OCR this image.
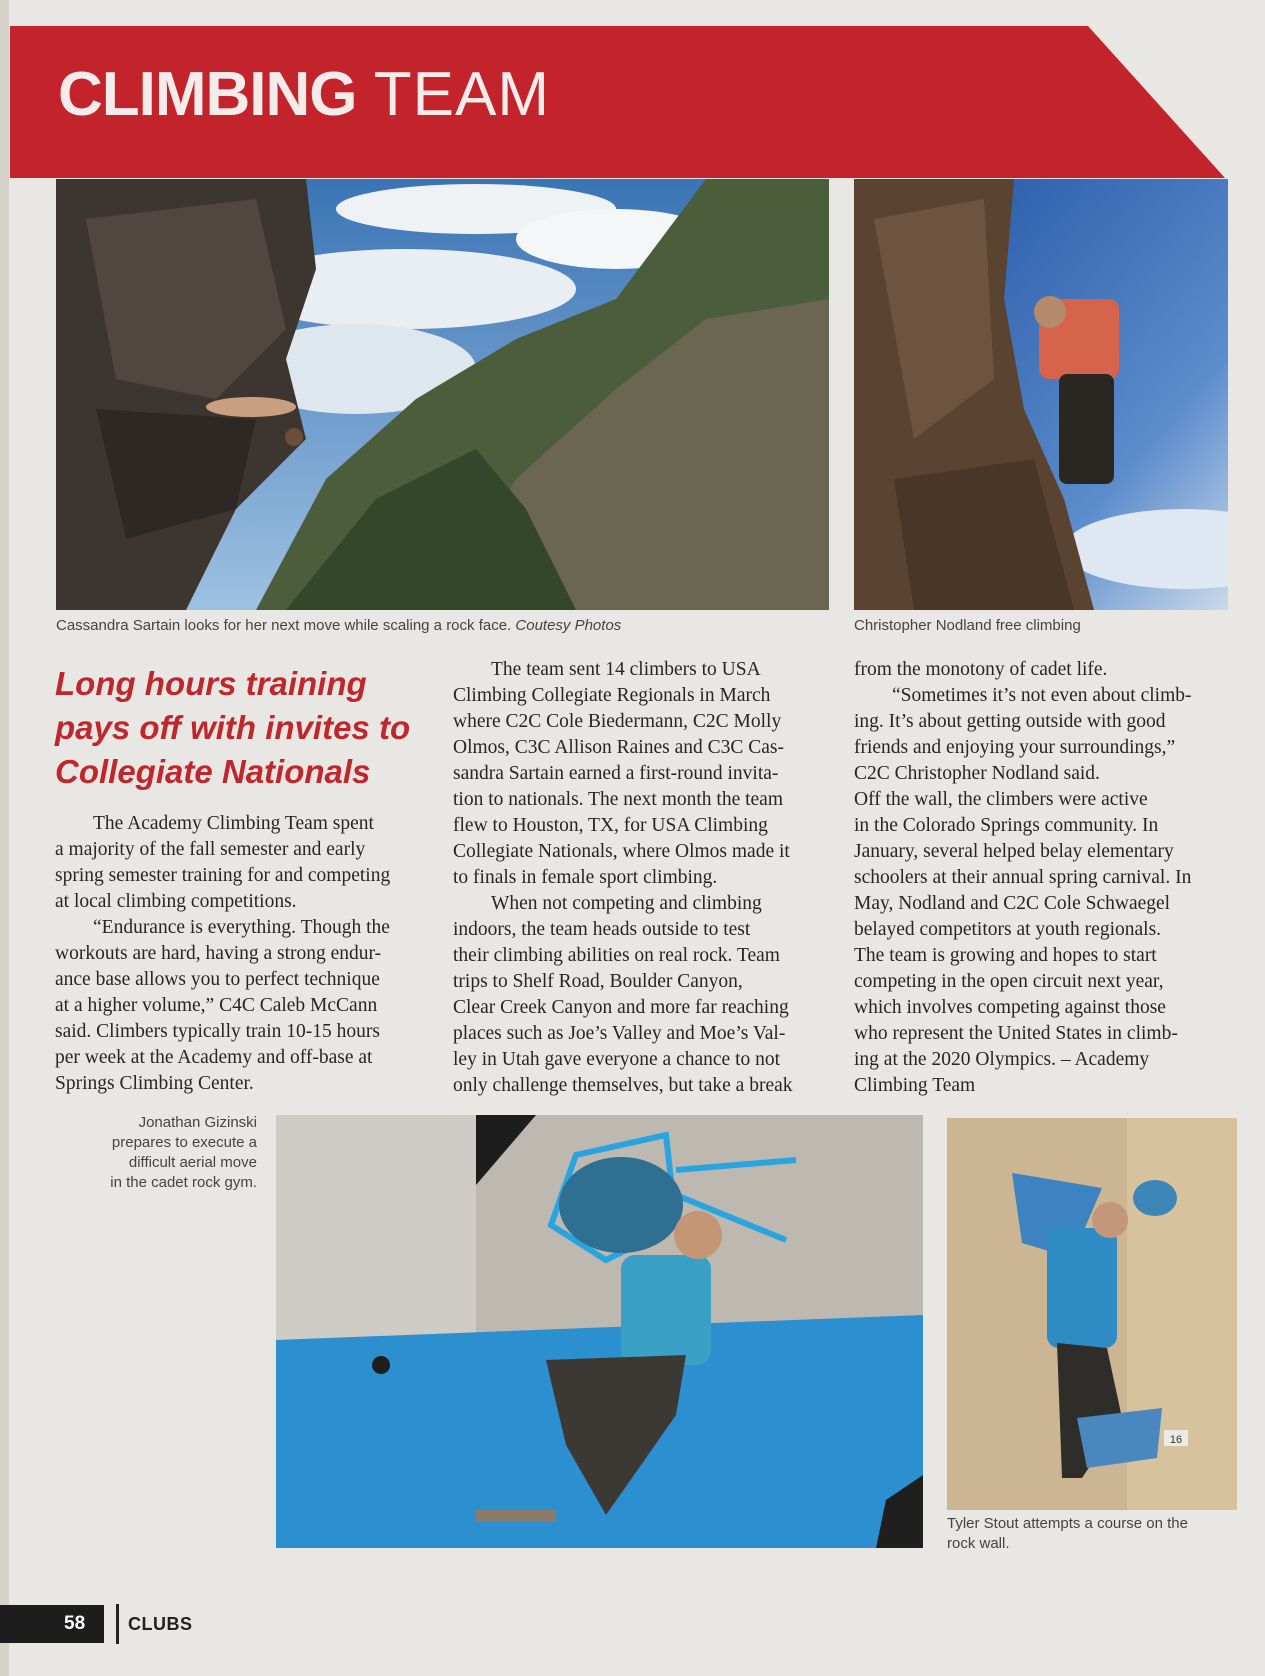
CLIMBING TEAM
Cassandra Sartain looks for her next move while scaling a rock face. Coutesy Photos	Christopher Nodland free climbing
Long hours training
pays off with invites to
Collegiate Nationals

The Academy Climbing Team spent
a majority of the fall semester and early
spring semester training for and competing
at local climbing competitions.

“Endurance is everything. Though the
workouts are hard, having a strong endur-
ance base allows you to perfect technique
at a higher volume,” C4C Caleb McCann
said. Climbers typically train 10-15 hours
per week at the Academy and off-base at
Springs Climbing Center.

The team sent 14 climbers to USA
Climbing Collegiate Regionals in March
where C2C Cole Biedermann, C2C Molly
Olmos, C3C Allison Raines and C3C Cas-
sandra Sartain earned a first-round invita-
tion to nationals. The next month the team
flew to Houston, TX, for USA Climbing
Collegiate Nationals, where Olmos made it
to finals in female sport climbing.

When not competing and climbing
indoors, the team heads outside to test
their climbing abilities on real rock. Team
trips to Shelf Road, Boulder Canyon,
Clear Creek Canyon and more far reaching
places such as Joe’s Valley and Moe’s Val-
ley in Utah gave everyone a chance to not
only challenge themselves, but take a break

from the monotony of cadet life.

“Sometimes it’s not even about climb-
ing. It’s about getting outside with good
friends and enjoying your surroundings,”
C2C Christopher Nodland said.

Off the wall, the climbers were active
in the Colorado Springs community. In
January, several helped belay elementary
schoolers at their annual spring carnival. In
May, Nodland and C2C Cole Schwaegel
belayed competitors at youth regionals.
The team is growing and hopes to start
competing in the open circuit next year,
which involves competing against those
who represent the United States in climb-
ing at the 2020 Olympics. – Academy
Climbing Team

Jonathan Gizinski
prepares to execute a
difficult aerial move
in the cadet rock gym.
16
Tyler Stout attempts a course on the
rock wall.
58 CLUBS
